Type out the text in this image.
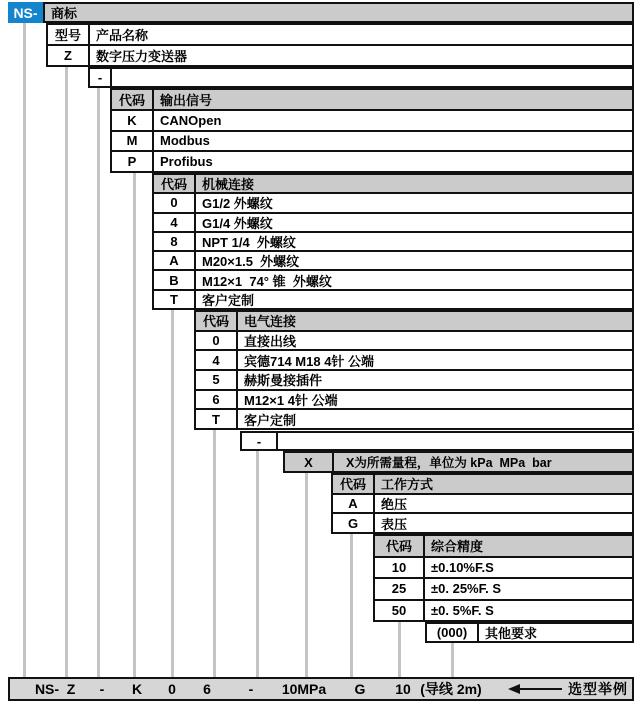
NS-	商标
型号	产品名称
Z	数字压力变送器
-
代码	输出信号
K	CANOpen
M	Modbus
P	Profibus
代码	机械连接
0	G1/2 外螺纹
4	G1/4 外螺纹
8	NPT 1/4  外螺纹
A	M20×1.5  外螺纹
B	M12×1  74° 锥  外螺纹
T	客户定制
代码	电气连接
0	直接出线
4	宾德714 M18 4针 公端
5	赫斯曼接插件
6	M12×1 4针 公端
T	客户定制
-
X	X为所需量程，单位为 kPa  MPa  bar
代码	工作方式
A	绝压
G	表压
代码	综合精度
10	±0.10%F.S
25	±0. 25%F. S
50	±0. 5%F. S
(000)	其他要求
NS- Z - K 0 6	- 10MPa G 10 (导线 2m)	选型举例
